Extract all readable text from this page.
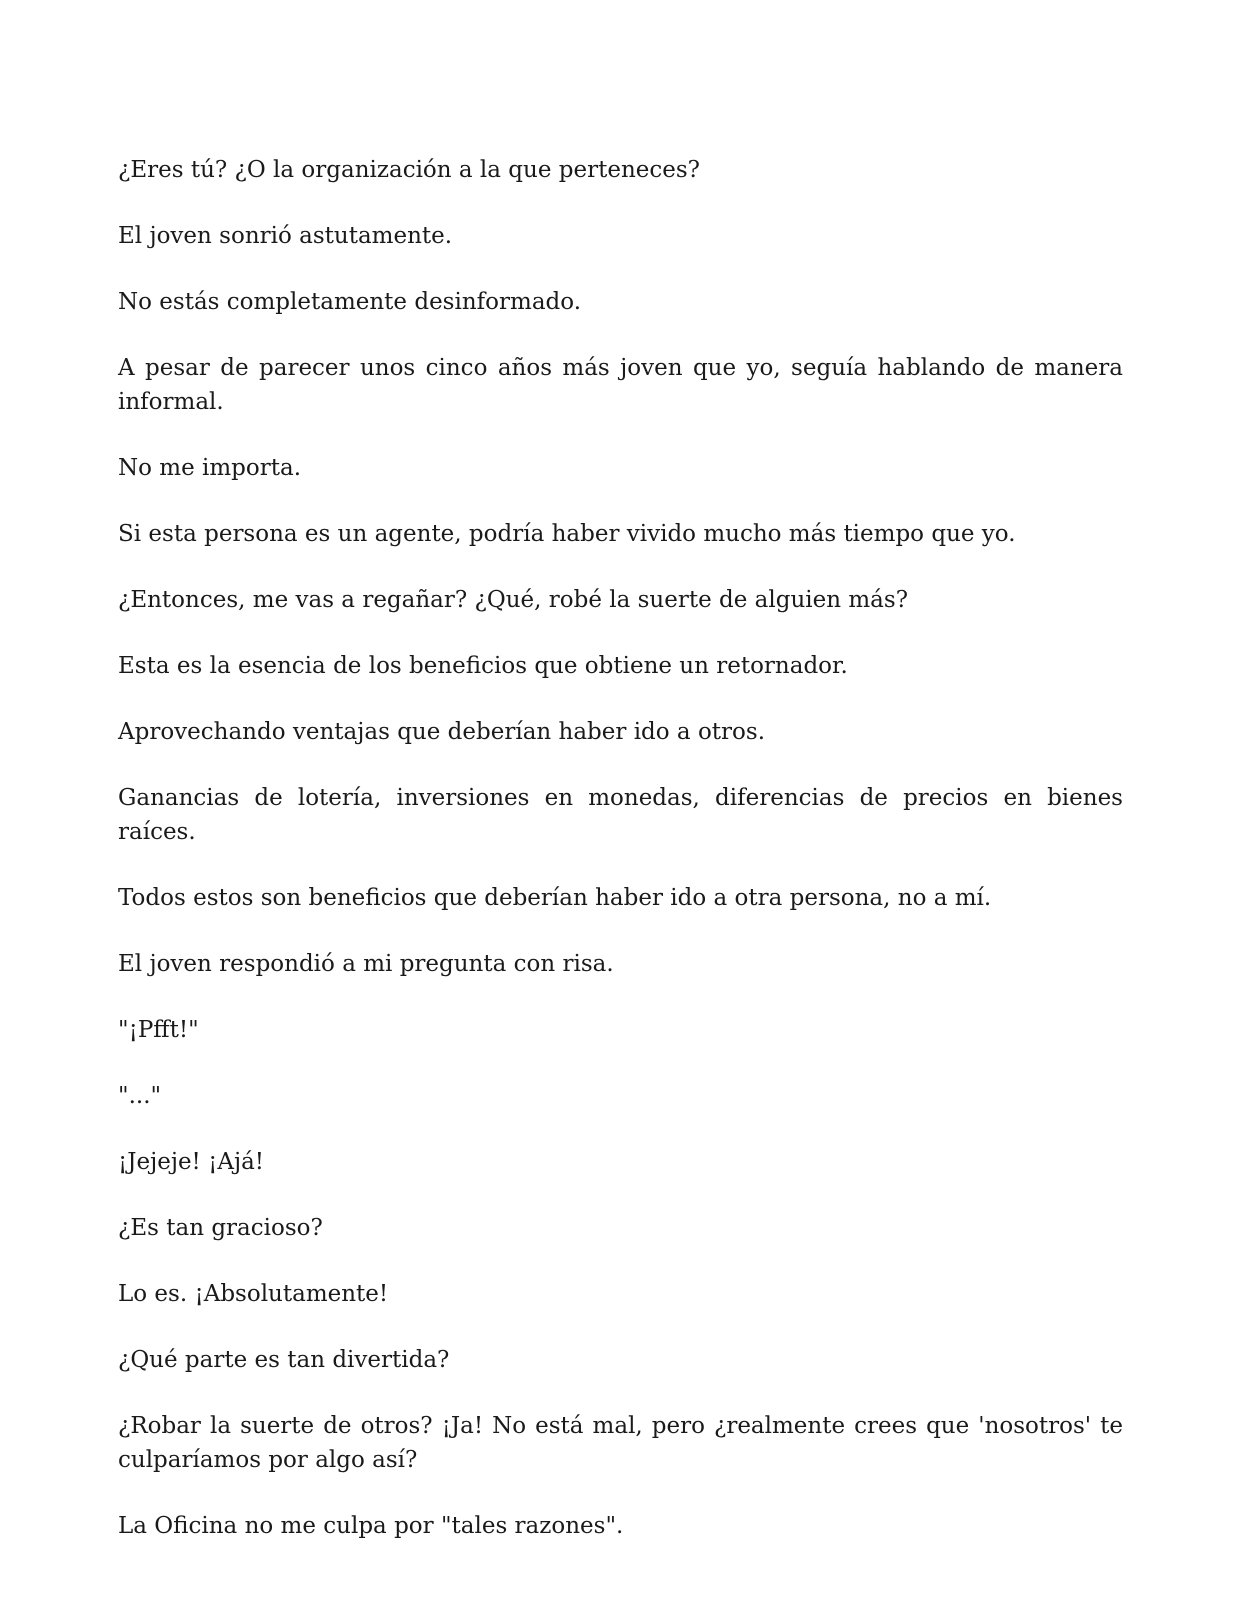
¿Eres tú? ¿O la organización a la que perteneces?

El joven sonrió astutamente.

No estás completamente desinformado.

A pesar de parecer unos cinco años más joven que yo, seguía hablando de manera informal.

No me importa.

Si esta persona es un agente, podría haber vivido mucho más tiempo que yo.

¿Entonces, me vas a regañar? ¿Qué, robé la suerte de alguien más?

Esta es la esencia de los beneficios que obtiene un retornador.

Aprovechando ventajas que deberían haber ido a otros.

Ganancias de lotería, inversiones en monedas, diferencias de precios en bienes raíces.

Todos estos son beneficios que deberían haber ido a otra persona, no a mí.

El joven respondió a mi pregunta con risa.

"¡Pfft!"

"..."

¡Jejeje! ¡Ajá!

¿Es tan gracioso?

Lo es. ¡Absolutamente!

¿Qué parte es tan divertida?

¿Robar la suerte de otros? ¡Ja! No está mal, pero ¿realmente crees que 'nosotros' te culparíamos por algo así?

La Oficina no me culpa por "tales razones".
